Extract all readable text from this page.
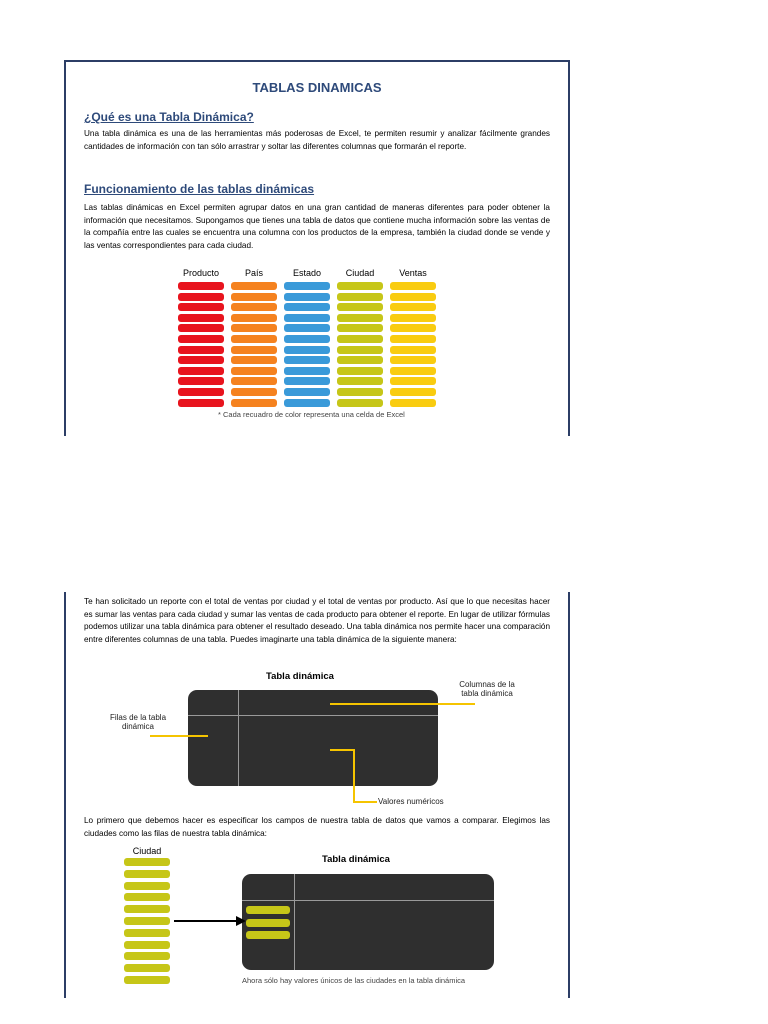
TABLAS DINAMICAS
¿Qué es una Tabla Dinámica?
Una tabla dinámica es una de las herramientas más poderosas de Excel, te permiten resumir y analizar fácilmente grandes cantidades de información con tan sólo arrastrar y soltar las diferentes columnas que formarán el reporte.
Funcionamiento de las tablas dinámicas
Las tablas dinámicas en Excel permiten agrupar datos en una gran cantidad de maneras diferentes para poder obtener la información que necesitamos. Supongamos que tienes una tabla de datos que contiene mucha información sobre las ventas de la compañía entre las cuales se encuentra una columna con los productos de la empresa, también la ciudad donde se vende y las ventas correspondientes para cada ciudad.
Producto	País	Estado	Ciudad	Ventas
* Cada recuadro de color representa una celda de Excel
Te han solicitado un reporte con el total de ventas por ciudad y el total de ventas por producto. Así que lo que necesitas hacer es sumar las ventas para cada ciudad y sumar las ventas de cada producto para obtener el reporte. En lugar de utilizar fórmulas podemos utilizar una tabla dinámica para obtener el resultado deseado. Una tabla dinámica nos permite hacer una comparación entre diferentes columnas de una tabla. Puedes imaginarte una tabla dinámica de la siguiente manera:
Tabla dinámica
Columnas de la tabla dinámica
Filas de la tabla dinámica
Valores numéricos
Lo primero que debemos hacer es especificar los campos de nuestra tabla de datos que vamos a comparar. Elegimos las ciudades como las filas de nuestra tabla dinámica:
Ciudad
Tabla dinámica
Ahora sólo hay valores únicos de las ciudades en la tabla dinámica
